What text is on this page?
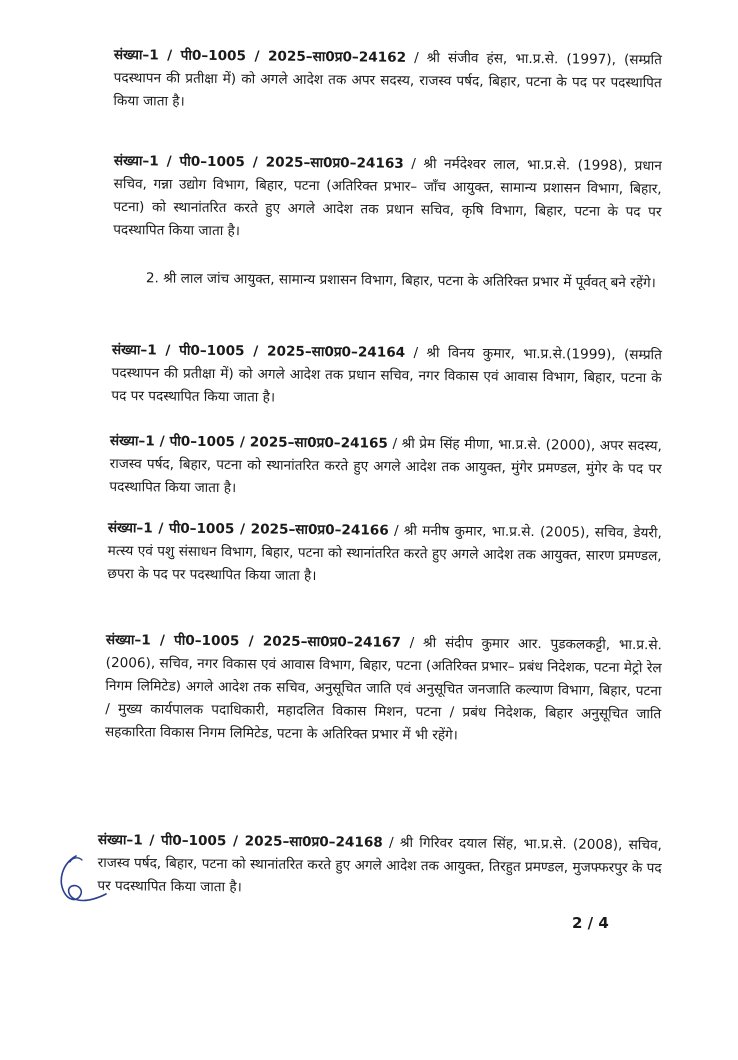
संख्या–1 / पी0–1005 / 2025–सा0प्र0–24162 / श्री संजीव हंस, भा.प्र.से. (1997), (सम्प्रति पदस्थापन की प्रतीक्षा में) को अगले आदेश तक अपर सदस्य, राजस्व पर्षद, बिहार, पटना के पद पर पदस्थापित किया जाता है।

संख्या–1 / पी0–1005 / 2025–सा0प्र0–24163 / श्री नर्मदेश्वर लाल, भा.प्र.से. (1998), प्रधान सचिव, गन्ना उद्योग विभाग, बिहार, पटना (अतिरिक्त प्रभार– जाँच आयुक्त, सामान्य प्रशासन विभाग, बिहार, पटना) को स्थानांतरित करते हुए अगले आदेश तक प्रधान सचिव, कृषि विभाग, बिहार, पटना के पद पर पदस्थापित किया जाता है।

2. श्री लाल जांच आयुक्त, सामान्य प्रशासन विभाग, बिहार, पटना के अतिरिक्त प्रभार में पूर्ववत् बने रहेंगे।

संख्या–1 / पी0–1005 / 2025–सा0प्र0–24164 / श्री विनय कुमार, भा.प्र.से.(1999), (सम्प्रति पदस्थापन की प्रतीक्षा में) को अगले आदेश तक प्रधान सचिव, नगर विकास एवं आवास विभाग, बिहार, पटना के पद पर पदस्थापित किया जाता है।

संख्या–1 / पी0–1005 / 2025–सा0प्र0–24165 / श्री प्रेम सिंह मीणा, भा.प्र.से. (2000), अपर सदस्य, राजस्व पर्षद, बिहार, पटना को स्थानांतरित करते हुए अगले आदेश तक आयुक्त, मुंगेर प्रमण्डल, मुंगेर के पद पर पदस्थापित किया जाता है।

संख्या–1 / पी0–1005 / 2025–सा0प्र0–24166 / श्री मनीष कुमार, भा.प्र.से. (2005), सचिव, डेयरी, मत्स्य एवं पशु संसाधन विभाग, बिहार, पटना को स्थानांतरित करते हुए अगले आदेश तक आयुक्त, सारण प्रमण्डल, छपरा के पद पर पदस्थापित किया जाता है।

संख्या–1 / पी0–1005 / 2025–सा0प्र0–24167 / श्री संदीप कुमार आर. पुडकलकट्टी, भा.प्र.से. (2006), सचिव, नगर विकास एवं आवास विभाग, बिहार, पटना (अतिरिक्त प्रभार– प्रबंध निदेशक, पटना मेट्रो रेल निगम लिमिटेड) अगले आदेश तक सचिव, अनुसूचित जाति एवं अनुसूचित जनजाति कल्याण विभाग, बिहार, पटना / मुख्य कार्यपालक पदाधिकारी, महादलित विकास मिशन, पटना / प्रबंध निदेशक, बिहार अनुसूचित जाति सहकारिता विकास निगम लिमिटेड, पटना के अतिरिक्त प्रभार में भी रहेंगे।

संख्या–1 / पी0–1005 / 2025–सा0प्र0–24168 / श्री गिरिवर दयाल सिंह, भा.प्र.से. (2008), सचिव, राजस्व पर्षद, बिहार, पटना को स्थानांतरित करते हुए अगले आदेश तक आयुक्त, तिरहुत प्रमण्डल, मुजफ्फरपुर के पद पर पदस्थापित किया जाता है।

2 / 4
